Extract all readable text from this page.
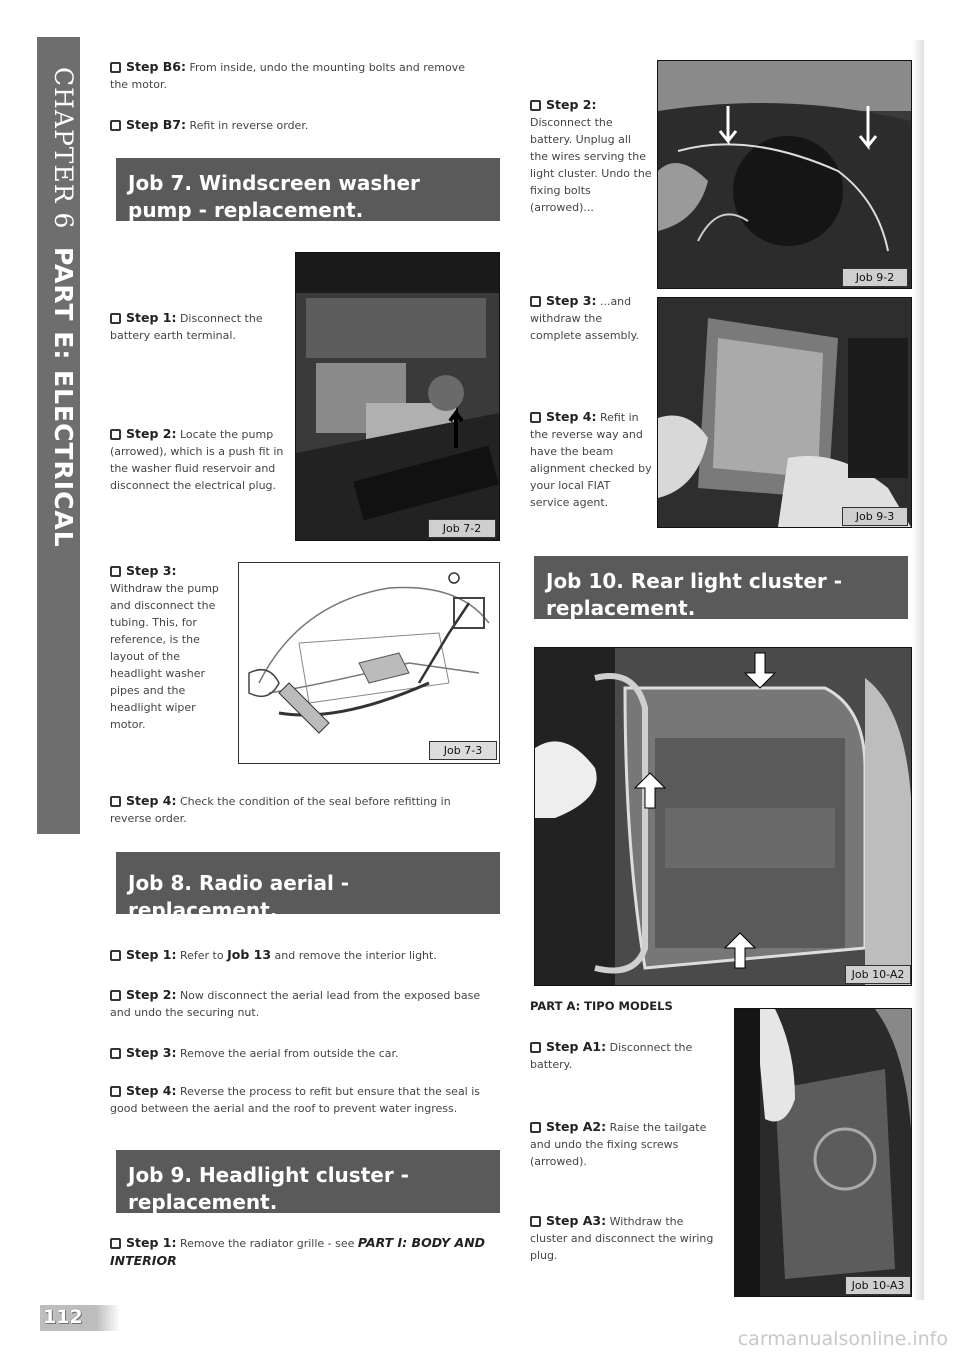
CHAPTER 6PART E: ELECTRICAL

Step B6: From inside, undo the mounting bolts and remove the motor.

Step B7: Refit in reverse order.

Job 7. Windscreen washer pump - replacement.

Step 1: Disconnect the battery earth terminal.

Step 2: Locate the pump (arrowed), which is a push fit in the washer fluid reservoir and disconnect the electrical plug.

Job 7-2

Step 3: Withdraw the pump and disconnect the tubing. This, for reference, is the layout of the headlight washer pipes and the headlight wiper motor.

Job 7-3

Step 4: Check the condition of the seal before refitting in reverse order.

Job 8. Radio aerial - replacement.

Step 1: Refer to Job 13 and remove the interior light.

Step 2: Now disconnect the aerial lead from the exposed base and undo the securing nut.

Step 3: Remove the aerial from outside the car.

Step 4: Reverse the process to refit but ensure that the seal is good between the aerial and the roof to prevent water ingress.

Job 9. Headlight cluster - replacement.

Step 1: Remove the radiator grille - see PART I: BODY AND INTERIOR

112

Step 2: Disconnect the battery. Unplug all the wires serving the light cluster. Undo the fixing bolts (arrowed)...

Job 9-2

Step 3: ...and withdraw the complete assembly.

Step 4: Refit in the reverse way and have the beam alignment checked by your local FIAT service agent.

Job 9-3
Job 10. Rear light cluster - replacement.
Job 10-A2
PART A: TIPO MODELS

Step A1: Disconnect the battery.

Step A2: Raise the tailgate and undo the fixing screws (arrowed).

Step A3: Withdraw the cluster and disconnect the wiring plug.

Job 10-A3
carmanualsonline.info
